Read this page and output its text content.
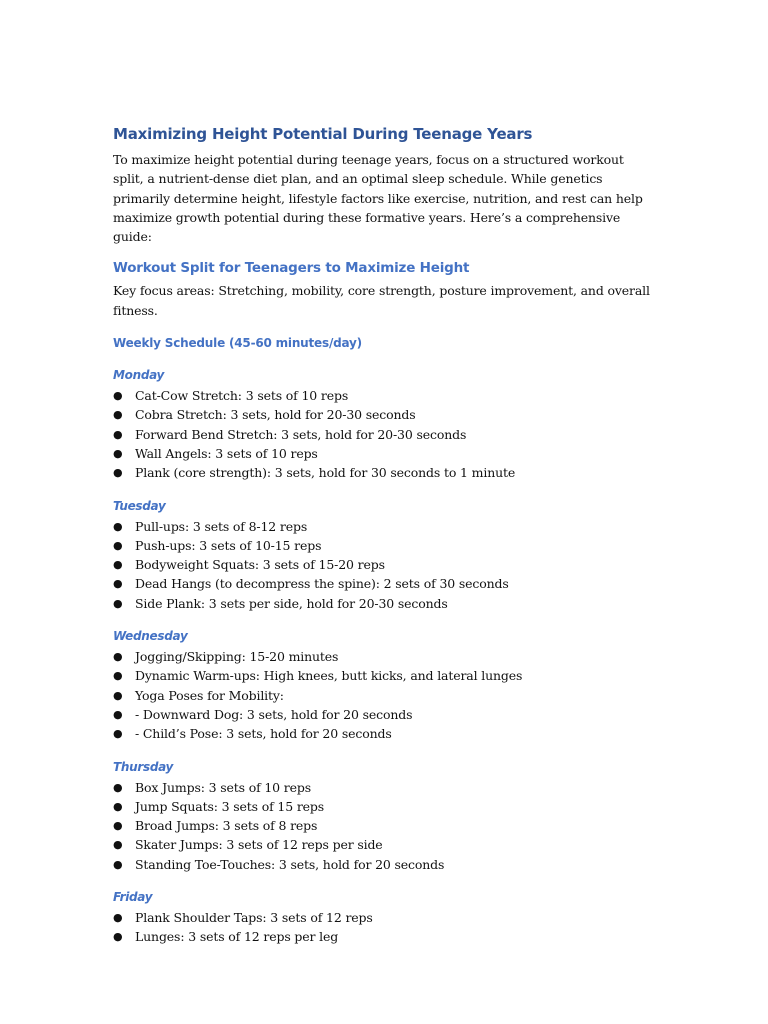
Maximizing Height Potential During Teenage Years

To maximize height potential during teenage years, focus on a structured workout split, a nutrient-dense diet plan, and an optimal sleep schedule. While genetics primarily determine height, lifestyle factors like exercise, nutrition, and rest can help maximize growth potential during these formative years. Here’s a comprehensive guide:

Workout Split for Teenagers to Maximize Height

Key focus areas: Stretching, mobility, core strength, posture improvement, and overall fitness.

Weekly Schedule (45-60 minutes/day)
Monday
● Cat-Cow Stretch: 3 sets of 10 reps
● Cobra Stretch: 3 sets, hold for 20-30 seconds
● Forward Bend Stretch: 3 sets, hold for 20-30 seconds
● Wall Angels: 3 sets of 10 reps
● Plank (core strength): 3 sets, hold for 30 seconds to 1 minute
Tuesday
● Pull-ups: 3 sets of 8-12 reps
● Push-ups: 3 sets of 10-15 reps
● Bodyweight Squats: 3 sets of 15-20 reps
● Dead Hangs (to decompress the spine): 2 sets of 30 seconds
● Side Plank: 3 sets per side, hold for 20-30 seconds
Wednesday
● Jogging/Skipping: 15-20 minutes
● Dynamic Warm-ups: High knees, butt kicks, and lateral lunges
● Yoga Poses for Mobility:
● - Downward Dog: 3 sets, hold for 20 seconds
● - Child’s Pose: 3 sets, hold for 20 seconds
Thursday
● Box Jumps: 3 sets of 10 reps
● Jump Squats: 3 sets of 15 reps
● Broad Jumps: 3 sets of 8 reps
● Skater Jumps: 3 sets of 12 reps per side
● Standing Toe-Touches: 3 sets, hold for 20 seconds
Friday
● Plank Shoulder Taps: 3 sets of 12 reps
● Lunges: 3 sets of 12 reps per leg
